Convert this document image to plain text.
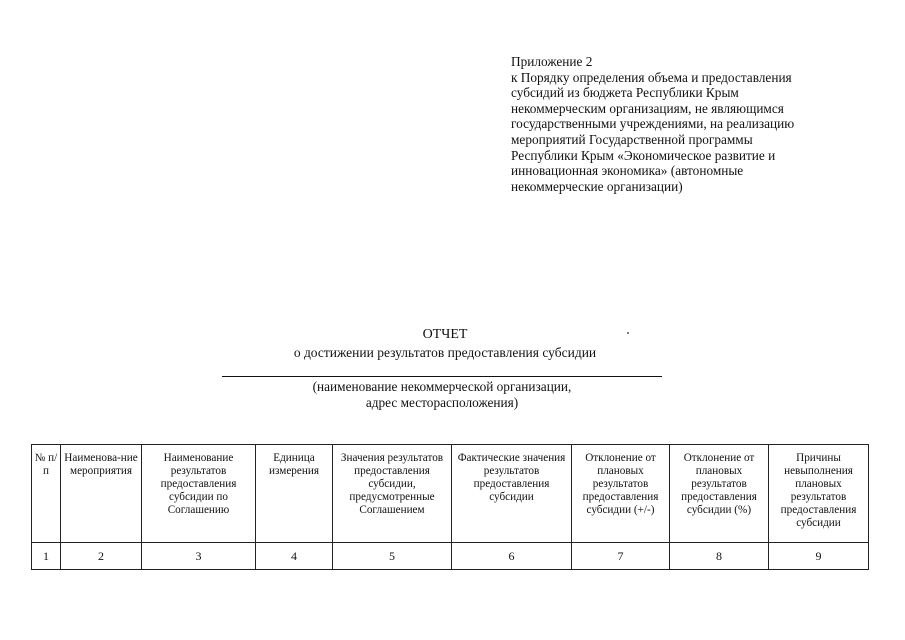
Приложение 2
к Порядку определения объема и предоставления
субсидий из бюджета Республики Крым
некоммерческим организациям, не являющимся
государственными учреждениями, на реализацию
мероприятий Государственной программы
Республики Крым «Экономическое развитие и
инновационная экономика» (автономные
некоммерческие организации)
ОТЧЕТ
о достижении результатов предоставления субсидии
(наименование некоммерческой организации,
адрес месторасположения)
№ п/п	Наименова-ние мероприятия	Наименование результатов предоставления субсидии по Соглашению	Единица измерения	Значения результатов предоставления субсидии, предусмотренные Соглашением	Фактические значения результатов предоставления субсидии	Отклонение от плановых результатов предоставления субсидии (+/-)	Отклонение от плановых результатов предоставления субсидии (%)	Причины невыполнения плановых результатов предоставления субсидии
1	2	3	4	5	6	7	8	9
